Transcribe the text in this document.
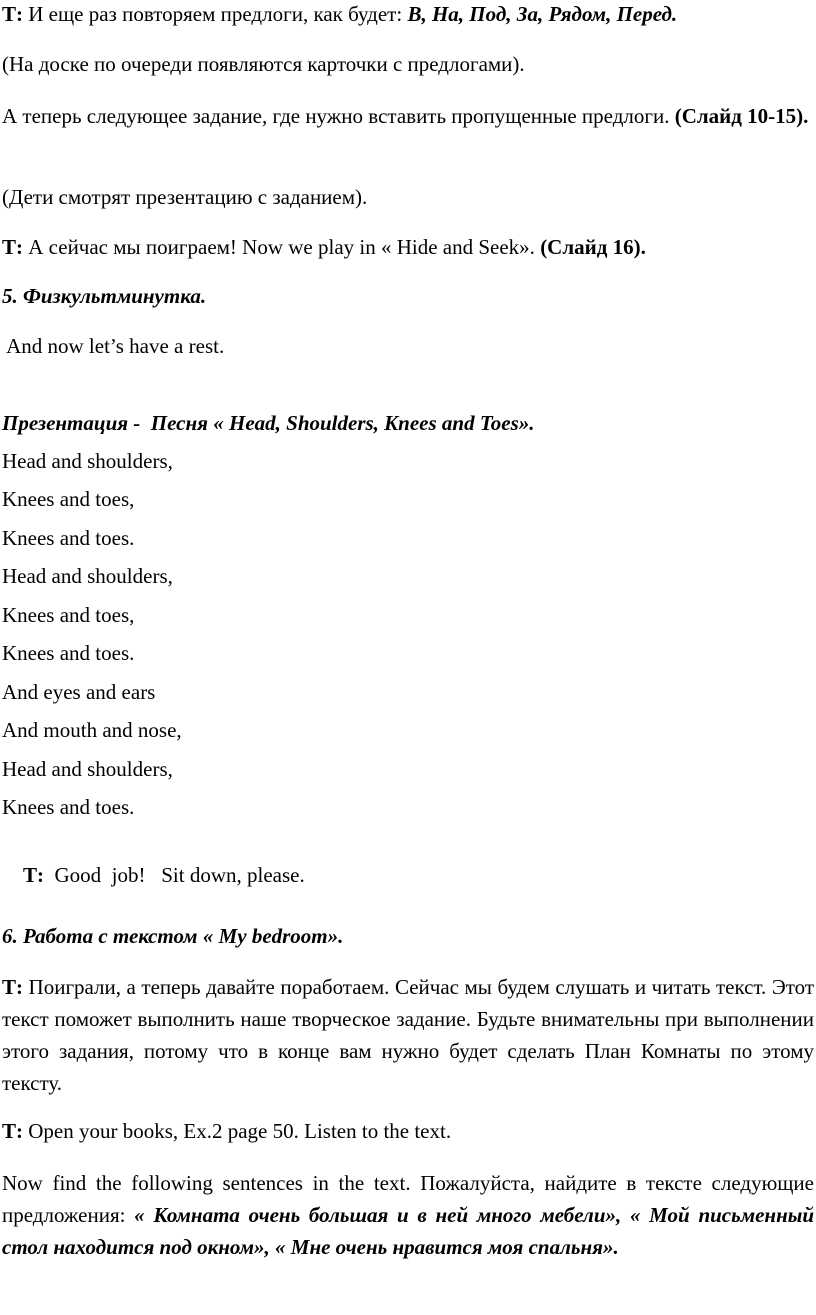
Т: И еще раз повторяем предлоги, как будет: В, На, Под, За, Рядом, Перед.

(На доске по очереди появляются карточки с предлогами).

А теперь следующее задание, где нужно вставить пропущенные предлоги. (Слайд 10-15).

(Дети смотрят презентацию с заданием).

Т: А сейчас мы поиграем! Now we play in « Hide and Seek». (Слайд 16).

5. Физкультминутка.

And now let’s have a rest.

Презентация -  Песня « Head, Shoulders, Knees and Toes».

Head and shoulders,

Knees and toes,

Knees and toes.

Head and shoulders,

Knees and toes,

Knees and toes.

And eyes and ears

And mouth and nose,

Head and shoulders,

Knees and toes.

Т:  Good  job!   Sit down, please.

6. Работа с текстом « My bedroom».

Т: Поиграли, а теперь давайте поработаем. Сейчас мы будем слушать и читать текст. Этот текст поможет выполнить наше творческое задание. Будьте внимательны при выполнении этого задания, потому что в конце вам нужно будет сделать План Комнаты по этому тексту.

Т: Open your books, Ex.2 page 50. Listen to the text.

Now find the following sentences in the text. Пожалуйста, найдите в тексте следующие предложения: « Комната очень большая и в ней много мебели», « Мой письменный стол находится под окном», « Мне очень нравится моя спальня».
